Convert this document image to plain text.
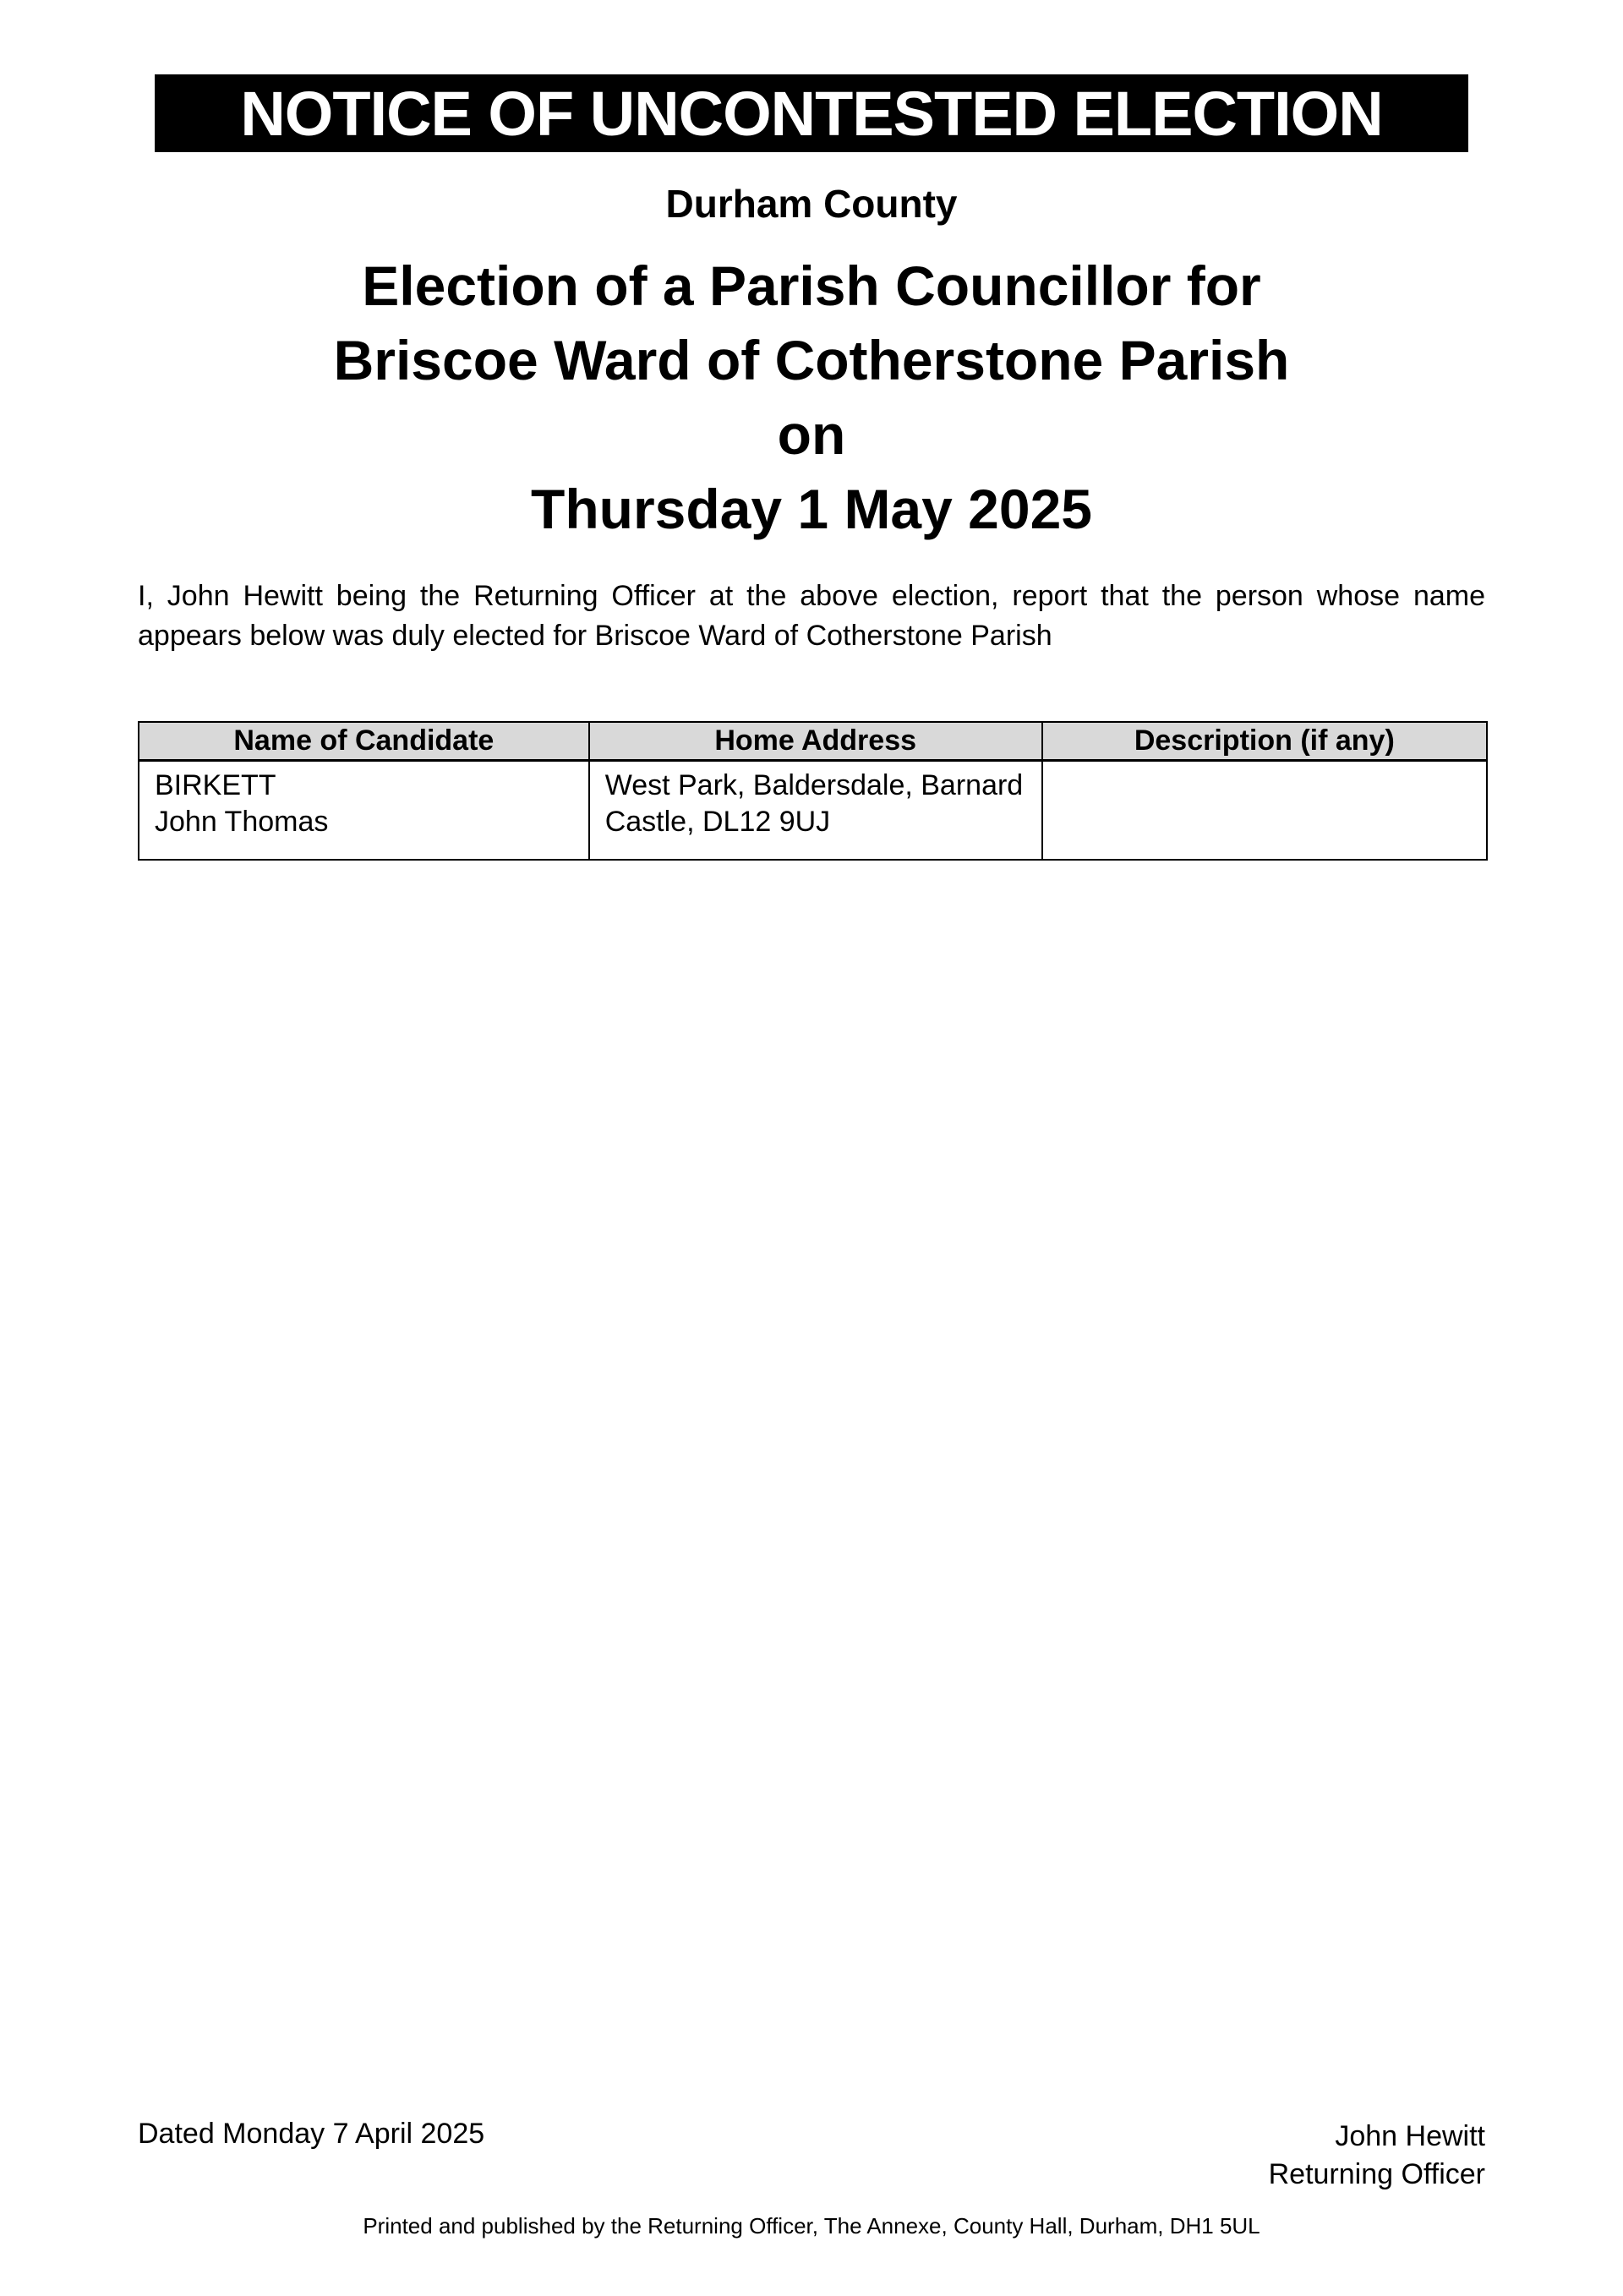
NOTICE OF UNCONTESTED ELECTION
Durham County
Election of a Parish Councillor for
Briscoe Ward of Cotherstone Parish
on
Thursday 1 May 2025
I, John Hewitt being the Returning Officer at the above election, report that the person whose name appears below was duly elected for Briscoe Ward of Cotherstone Parish
Name of Candidate	Home Address	Description (if any)

BIRKETT
John Thomas	West Park, Baldersdale, Barnard Castle, DL12 9UJ	
Dated Monday 7 April 2025	John Hewitt
Returning Officer
Printed and published by the Returning Officer, The Annexe, County Hall, Durham, DH1 5UL
